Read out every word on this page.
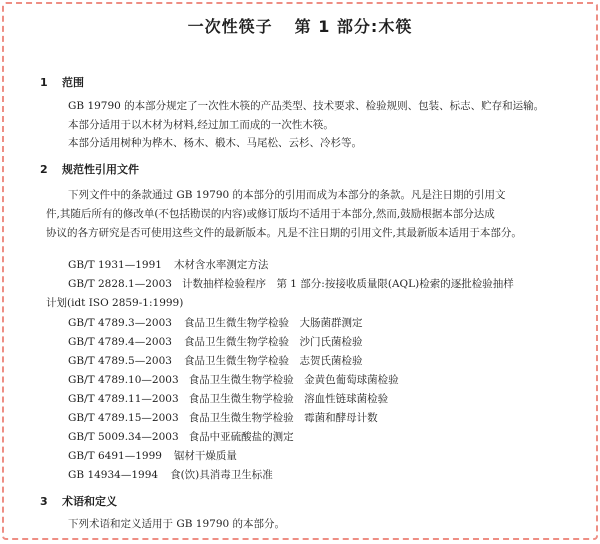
一次性筷子 第 1 部分:木筷
1 范围
GB 19790 的本部分规定了一次性木筷的产品类型、技术要求、检验规则、包装、标志、贮存和运输。
本部分适用于以木材为材料,经过加工而成的一次性木筷。
本部分适用树种为桦木、杨木、椴木、马尾松、云杉、冷杉等。
2 规范性引用文件
下列文件中的条款通过 GB 19790 的本部分的引用而成为本部分的条款。凡是注日期的引用文
件,其随后所有的修改单(不包括勘误的内容)或修订版均不适用于本部分,然而,鼓励根据本部分达成
协议的各方研究是否可使用这些文件的最新版本。凡是不注日期的引用文件,其最新版本适用于本部分。
GB/T 1931—1991 木材含水率测定方法
GB/T 2828.1—2003 计数抽样检验程序　第 1 部分:按接收质量限(AQL)检索的逐批检验抽样
计划(idt ISO 2859-1:1999)
GB/T 4789.3—2003 食品卫生微生物学检验　大肠菌群测定
GB/T 4789.4—2003 食品卫生微生物学检验　沙门氏菌检验
GB/T 4789.5—2003 食品卫生微生物学检验　志贺氏菌检验
GB/T 4789.10—2003 食品卫生微生物学检验　金黄色葡萄球菌检验
GB/T 4789.11—2003 食品卫生微生物学检验　溶血性链球菌检验
GB/T 4789.15—2003 食品卫生微生物学检验　霉菌和酵母计数
GB/T 5009.34—2003 食品中亚硫酸盐的测定
GB/T 6491—1999 锯材干燥质量
GB 14934—1994 食(饮)具消毒卫生标准
3 术语和定义
下列术语和定义适用于 GB 19790 的本部分。
